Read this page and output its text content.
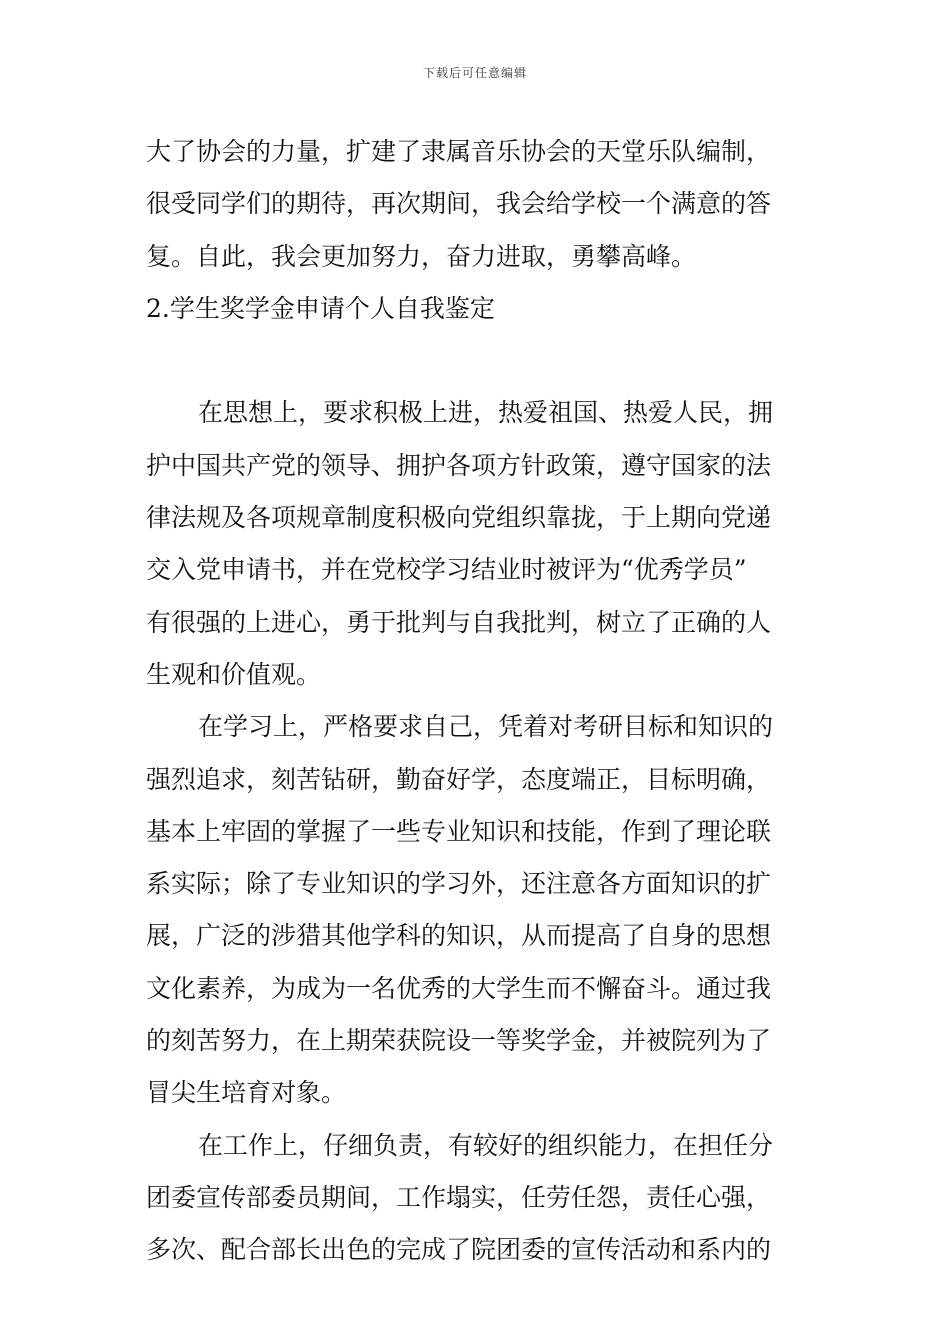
下载后可任意编辑
大了协会的力量，扩建了隶属音乐协会的天堂乐队编制，
很受同学们的期待，再次期间，我会给学校一个满意的答
复。自此，我会更加努力，奋力进取，勇攀高峰。
2.学生奖学金申请个人自我鉴定
在思想上，要求积极上进，热爱祖国、热爱人民，拥
护中国共产党的领导、拥护各项方针政策，遵守国家的法
律法规及各项规章制度积极向党组织靠拢，于上期向党递
交入党申请书，并在党校学习结业时被评为“优秀学员”
有很强的上进心，勇于批判与自我批判，树立了正确的人
生观和价值观。
在学习上，严格要求自己，凭着对考研目标和知识的
强烈追求，刻苦钻研，勤奋好学，态度端正，目标明确，
基本上牢固的掌握了一些专业知识和技能，作到了理论联
系实际；除了专业知识的学习外，还注意各方面知识的扩
展，广泛的涉猎其他学科的知识，从而提高了自身的思想
文化素养，为成为一名优秀的大学生而不懈奋斗。通过我
的刻苦努力，在上期荣获院设一等奖学金，并被院列为了
冒尖生培育对象。
在工作上，仔细负责，有较好的组织能力，在担任分
团委宣传部委员期间，工作塌实，任劳任怨，责任心强，
多次、配合部长出色的完成了院团委的宣传活动和系内的
